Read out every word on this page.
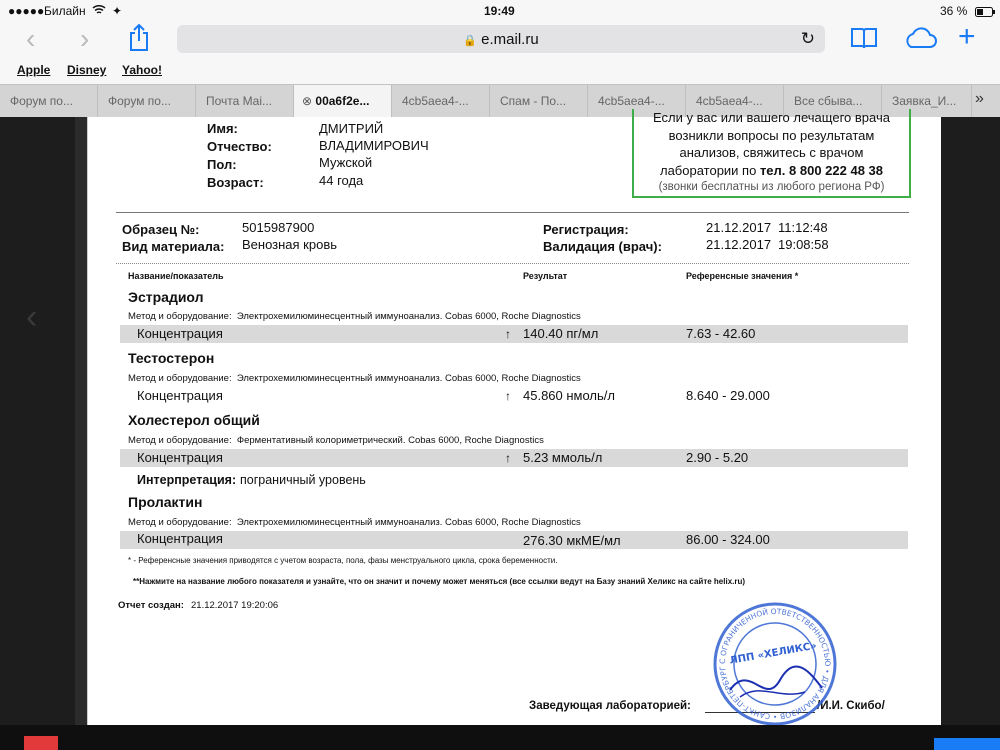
●●●●● Билайн ✦	19:49	36 %
‹ ›	🔒 e.mail.ru	↻	+
Apple Disney Yahoo!
Форум по...	Форум по...	Почта Mai...	⊗ 00a6f2e...	4cb5aea4-...	Спам - По...	4cb5aea4-...	4cb5aea4-...	Все сбыва...	Заявка_И...	»
‹
Имя:	ДМИТРИЙ
Отчество:	ВЛАДИМИРОВИЧ
Пол:	Мужской
Возраст:	44 года
Если у вас или вашего лечащего врача
возникли вопросы по результатам
анализов, свяжитесь с врачом
лаборатории по тел. 8 800 222 48 38
(звонки бесплатны из любого региона РФ)
Образец №:	5015987900
Вид материала: Венозная кровь
Регистрация:	21.12.2017 11:12:48
Валидация (врач):	21.12.2017 19:08:58
Название/показатель	Результат	Референсные значения *
Эстрадиол
Метод и оборудование: Электрохемилюминесцентный иммуноанализ. Cobas 6000, Roche Diagnostics
Концентрация	↑ 140.40 пг/мл	7.63 - 42.60
Тестостерон
Метод и оборудование: Электрохемилюминесцентный иммуноанализ. Cobas 6000, Roche Diagnostics
Концентрация	↑ 45.860 нмоль/л	8.640 - 29.000
Холестерол общий
Метод и оборудование: Ферментативный колориметрический. Cobas 6000, Roche Diagnostics
Концентрация	↑ 5.23 ммоль/л	2.90 - 5.20
Интерпретация: пограничный уровень
Пролактин
Метод и оборудование: Электрохемилюминесцентный иммуноанализ. Cobas 6000, Roche Diagnostics
Концентрация	276.30 мкМЕ/мл	86.00 - 324.00
* - Референсные значения приводятся с учетом возраста, пола, фазы менструального цикла, срока беременности.
**Нажмите на название любого показателя и узнайте, что он значит и почему может меняться (все ссылки ведут на Базу знаний Хеликс на сайте helix.ru)
Отчет создан: 21.12.2017 19:20:06
Заведующая лабораторией:	/И.И. Скибо/
С ОГРАНИЧЕННОЙ ОТВЕТСТВЕННОСТЬЮ • ДЛЯ АНАЛИЗОВ • САНКТ-ПЕТЕРБУРГ
ЛПП «ХЕЛИКС»
